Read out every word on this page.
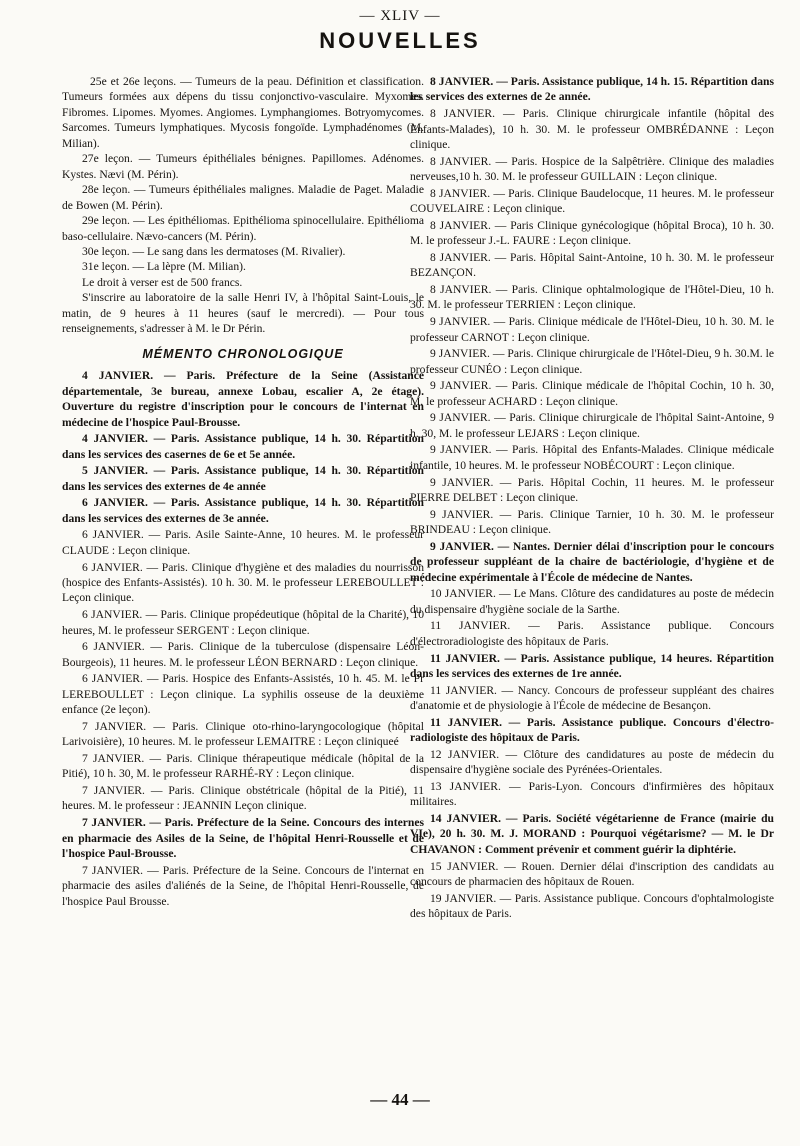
— XLIV —
NOUVELLES

25e et 26e leçons. — Tumeurs de la peau. Définition et classification. Tumeurs formées aux dépens du tissu conjonctivo-vasculaire. Myxomes. Fibromes. Lipomes. Myomes. Angiomes. Lymphangiomes. Botryomycomes. Sarcomes. Tumeurs lymphatiques. Mycosis fongoïde. Lymphadénomes (M. Milian).

27e leçon. — Tumeurs épithéliales bénignes. Papillomes. Adénomes. Kystes. Nævi (M. Périn).

28e leçon. — Tumeurs épithéliales malignes. Maladie de Paget. Maladie de Bowen (M. Périn).

29e leçon. — Les épithéliomas. Epithélioma spinocellulaire. Epithélioma baso-cellulaire. Nævo-cancers (M. Périn).

30e leçon. — Le sang dans les dermatoses (M. Rivalier).

31e leçon. — La lèpre (M. Milian).

Le droit à verser est de 500 francs.

S'inscrire au laboratoire de la salle Henri IV, à l'hôpital Saint-Louis, le matin, de 9 heures à 11 heures (sauf le mercredi). — Pour tous renseignements, s'adresser à M. le Dr Périn.

MÉMENTO CHRONOLOGIQUE

4 JANVIER. — Paris. Préfecture de la Seine (Assistance départementale, 3e bureau, annexe Lobau, escalier A, 2e étage). Ouverture du registre d'inscription pour le concours de l'internat en médecine de l'hospice Paul-Brousse.

4 JANVIER. — Paris. Assistance publique, 14 h. 30. Répartition dans les services des casernes de 6e et 5e année.

5 JANVIER. — Paris. Assistance publique, 14 h. 30. Répartition dans les services des externes de 4e année

6 JANVIER. — Paris. Assistance publique, 14 h. 30. Répartition dans les services des externes de 3e année.

6 JANVIER. — Paris. Asile Sainte-Anne, 10 heures. M. le professeur CLAUDE : Leçon clinique.

6 JANVIER. — Paris. Clinique d'hygiène et des maladies du nourrisson (hospice des Enfants-Assistés). 10 h. 30. M. le professeur LEREBOULLET : Leçon clinique.

6 JANVIER. — Paris. Clinique propédeutique (hôpital de la Charité), 10 heures, M. le professeur SERGENT : Leçon clinique.

6 JANVIER. — Paris. Clinique de la tuberculose (dispensaire Léon-Bourgeois), 11 heures. M. le professeur LÉON BERNARD : Leçon clinique.

6 JANVIER. — Paris. Hospice des Enfants-Assistés, 10 h. 45. M. le Pr LEREBOULLET : Leçon clinique. La syphilis osseuse de la deuxième enfance (2e leçon).

7 JANVIER. — Paris. Clinique oto-rhino-laryngocologique (hôpital Larivoisière), 10 heures. M. le professeur LEMAITRE : Leçon cliniqueé

7 JANVIER. — Paris. Clinique thérapeutique médicale (hôpital de la Pitié), 10 h. 30, M. le professeur RARHÉ-RY : Leçon clinique.

7 JANVIER. — Paris. Clinique obstétricale (hôpital de la Pitié), 11 heures. M. le professeur : JEANNIN Leçon clinique.

7 JANVIER. — Paris. Préfecture de la Seine. Concours des internes en pharmacie des Asiles de la Seine, de l'hôpital Henri-Rousselle et de l'hospice Paul-Brousse.

7 JANVIER. — Paris. Préfecture de la Seine. Concours de l'internat en pharmacie des asiles d'aliénés de la Seine, de l'hôpital Henri-Rousselle, de l'hospice Paul Brousse.

8 JANVIER. — Paris. Assistance publique, 14 h. 15. Répartition dans les services des externes de 2e année.

8 JANVIER. — Paris. Clinique chirurgicale infantile (hôpital des Enfants-Malades), 10 h. 30. M. le professeur OMBRÉDANNE : Leçon clinique.

8 JANVIER. — Paris. Hospice de la Salpêtrière. Clinique des maladies nerveuses,10 h. 30. M. le professeur GUILLAIN : Leçon clinique.

8 JANVIER. — Paris. Clinique Baudelocque, 11 heures. M. le professeur COUVELAIRE : Leçon clinique.

8 JANVIER. — Paris Clinique gynécologique (hôpital Broca), 10 h. 30. M. le professeur J.-L. FAURE : Leçon clinique.

8 JANVIER. — Paris. Hôpital Saint-Antoine, 10 h. 30. M. le professeur BEZANÇON.

8 JANVIER. — Paris. Clinique ophtalmologique de l'Hôtel-Dieu, 10 h. 30. M. le professeur TERRIEN : Leçon clinique.

9 JANVIER. — Paris. Clinique médicale de l'Hôtel-Dieu, 10 h. 30. M. le professeur CARNOT : Leçon clinique.

9 JANVIER. — Paris. Clinique chirurgicale de l'Hôtel-Dieu, 9 h. 30.M. le professeur CUNÉO : Leçon clinique.

9 JANVIER. — Paris. Clinique médicale de l'hôpital Cochin, 10 h. 30, M. le professeur ACHARD : Leçon clinique.

9 JANVIER. — Paris. Clinique chirurgicale de l'hôpital Saint-Antoine, 9 h. 30, M. le professeur LEJARS : Leçon clinique.

9 JANVIER. — Paris. Hôpital des Enfants-Malades. Clinique médicale infantile, 10 heures. M. le professeur NOBÉCOURT : Leçon clinique.

9 JANVIER. — Paris. Hôpital Cochin, 11 heures. M. le professeur PIERRE DELBET : Leçon clinique.

9 JANVIER. — Paris. Clinique Tarnier, 10 h. 30. M. le professeur BRINDEAU : Leçon clinique.

9 JANVIER. — Nantes. Dernier délai d'inscription pour le concours de professeur suppléant de la chaire de bactériologie, d'hygiène et de médecine expérimentale à l'École de médecine de Nantes.

10 JANVIER. — Le Mans. Clôture des candidatures au poste de médecin du dispensaire d'hygiène sociale de la Sarthe.

11 JANVIER. — Paris. Assistance publique. Concours d'électroradiologiste des hôpitaux de Paris.

11 JANVIER. — Paris. Assistance publique, 14 heures. Répartition dans les services des externes de 1re année.

11 JANVIER. — Nancy. Concours de professeur suppléant des chaires d'anatomie et de physiologie à l'École de médecine de Besançon.

11 JANVIER. — Paris. Assistance publique. Concours d'électro-radiologiste des hôpitaux de Paris.

12 JANVIER. — Clôture des candidatures au poste de médecin du dispensaire d'hygiène sociale des Pyrénées-Orientales.

13 JANVIER. — Paris-Lyon. Concours d'infirmières des hôpitaux militaires.

14 JANVIER. — Paris. Société végétarienne de France (mairie du VIe), 20 h. 30. M. J. MORAND : Pourquoi végétarisme? — M. le Dr CHAVANON : Comment prévenir et comment guérir la diphtérie.

15 JANVIER. — Rouen. Dernier délai d'inscription des candidats au concours de pharmacien des hôpitaux de Rouen.

19 JANVIER. — Paris. Assistance publique. Concours d'ophtalmologiste des hôpitaux de Paris.

— 44 —
